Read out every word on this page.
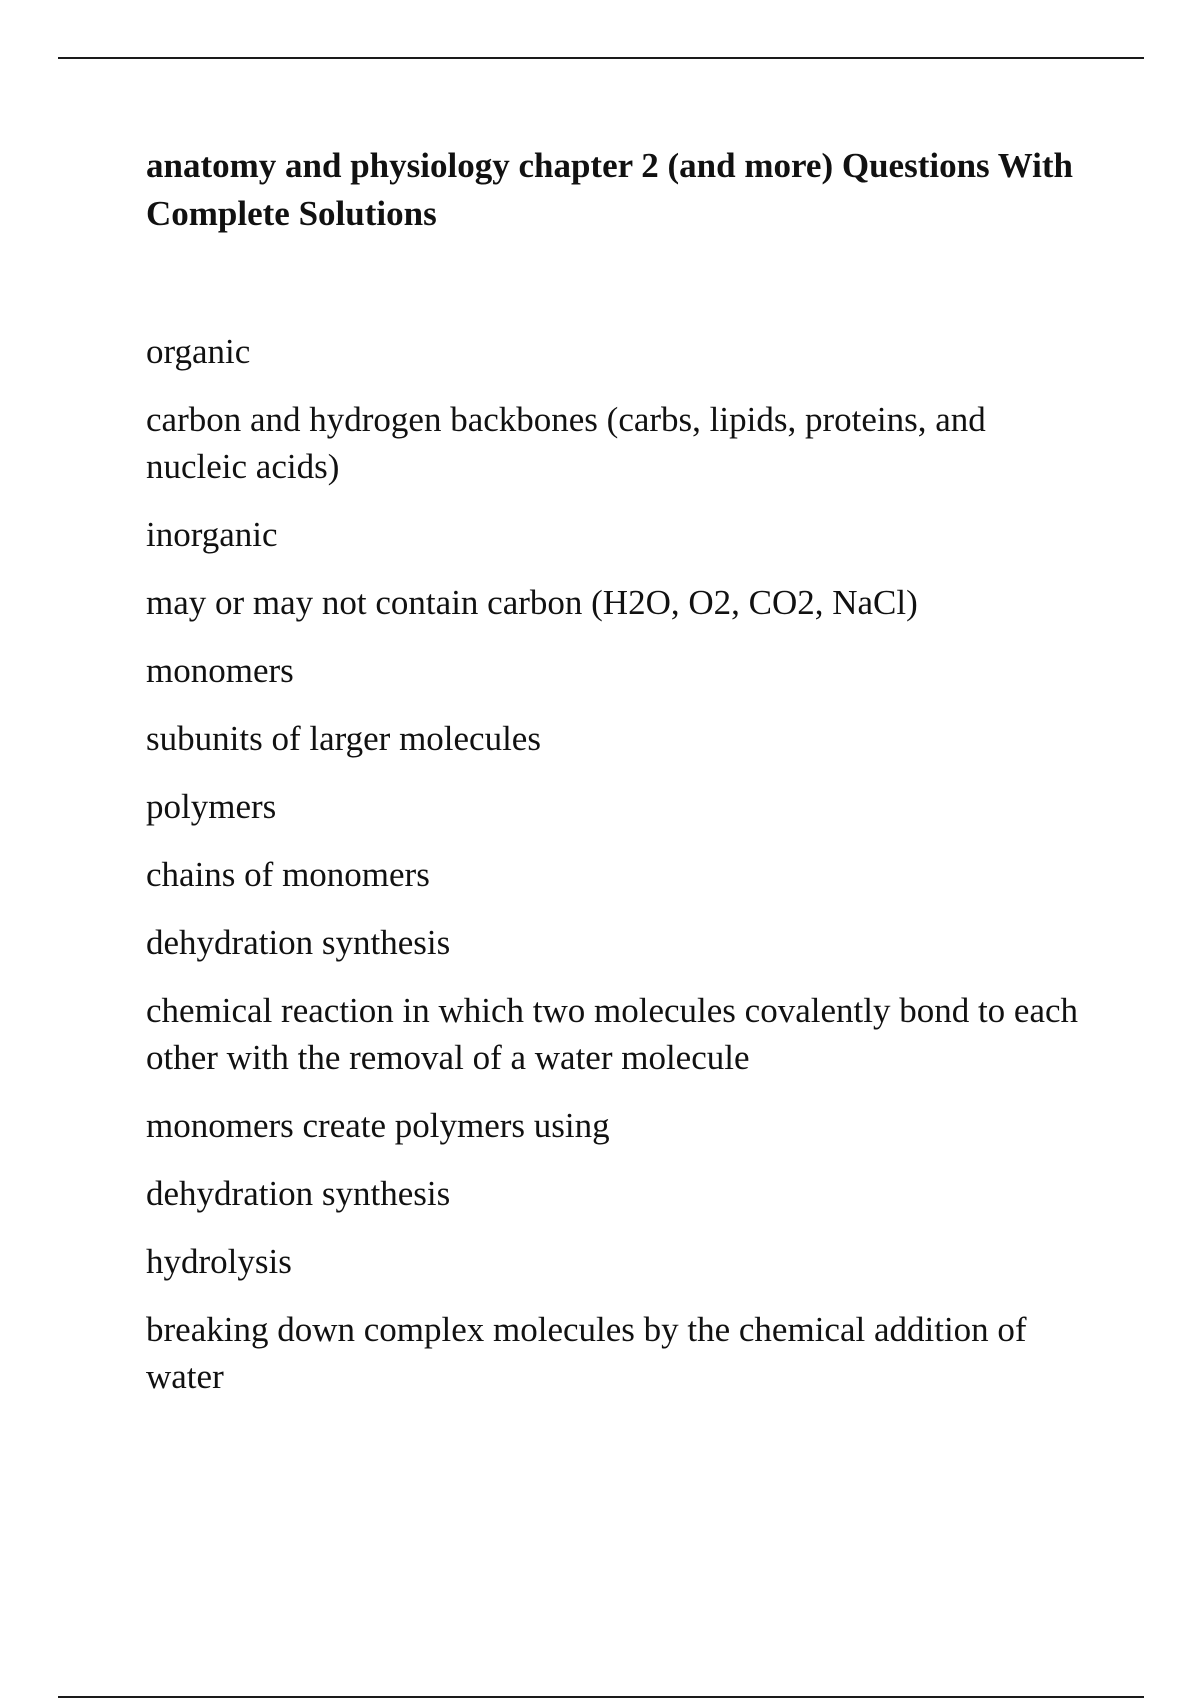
anatomy and physiology chapter 2 (and more) Questions With Complete Solutions
organic
carbon and hydrogen backbones (carbs, lipids, proteins, and nucleic acids)
inorganic
may or may not contain carbon (H2O, O2, CO2, NaCl)
monomers
subunits of larger molecules
polymers
chains of monomers
dehydration synthesis
chemical reaction in which two molecules covalently bond to each other with the removal of a water molecule
monomers create polymers using
dehydration synthesis
hydrolysis
breaking down complex molecules by the chemical addition of water
